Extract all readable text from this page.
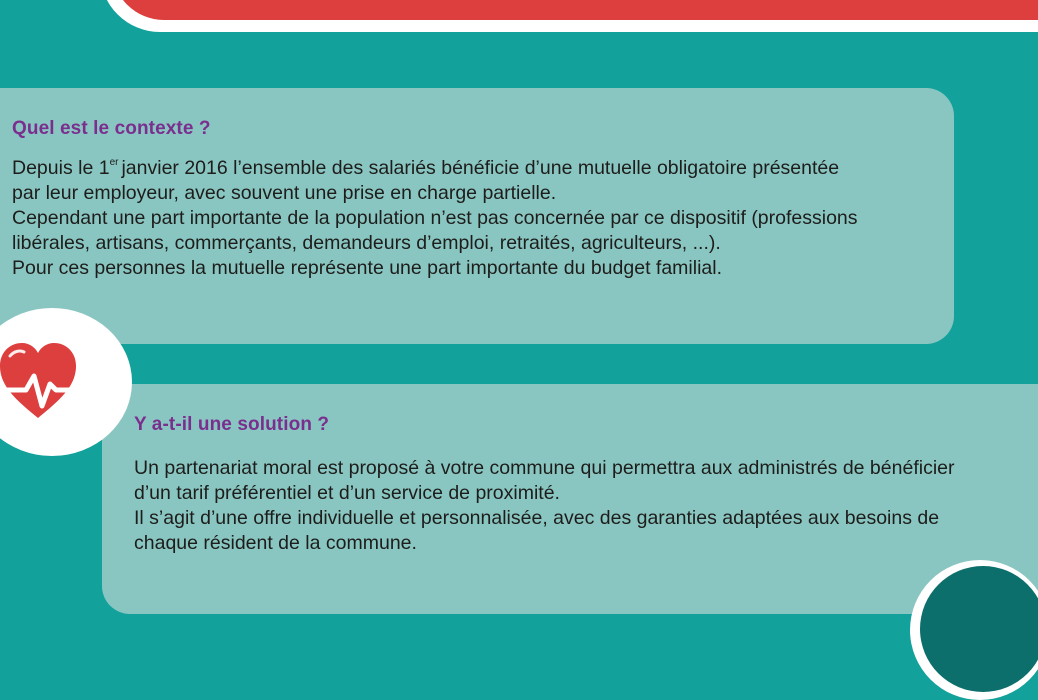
Quel est le contexte ?

Depuis le 1er janvier 2016 l’ensemble des salariés bénéficie d’une mutuelle obligatoire présentée

par leur employeur, avec souvent une prise en charge partielle.

Cependant une part importante de la population n’est pas concernée par ce dispositif (professions

libérales, artisans, commerçants, demandeurs d’emploi, retraités, agriculteurs, ...).

Pour ces personnes la mutuelle représente une part importante du budget familial.

Y a-t-il une solution ?

Un partenariat moral est proposé à votre commune qui permettra aux administrés de bénéficier

d’un tarif préférentiel et d’un service de proximité.

Il s’agit d’une offre individuelle et personnalisée, avec des garanties adaptées aux besoins de

chaque résident de la commune.
